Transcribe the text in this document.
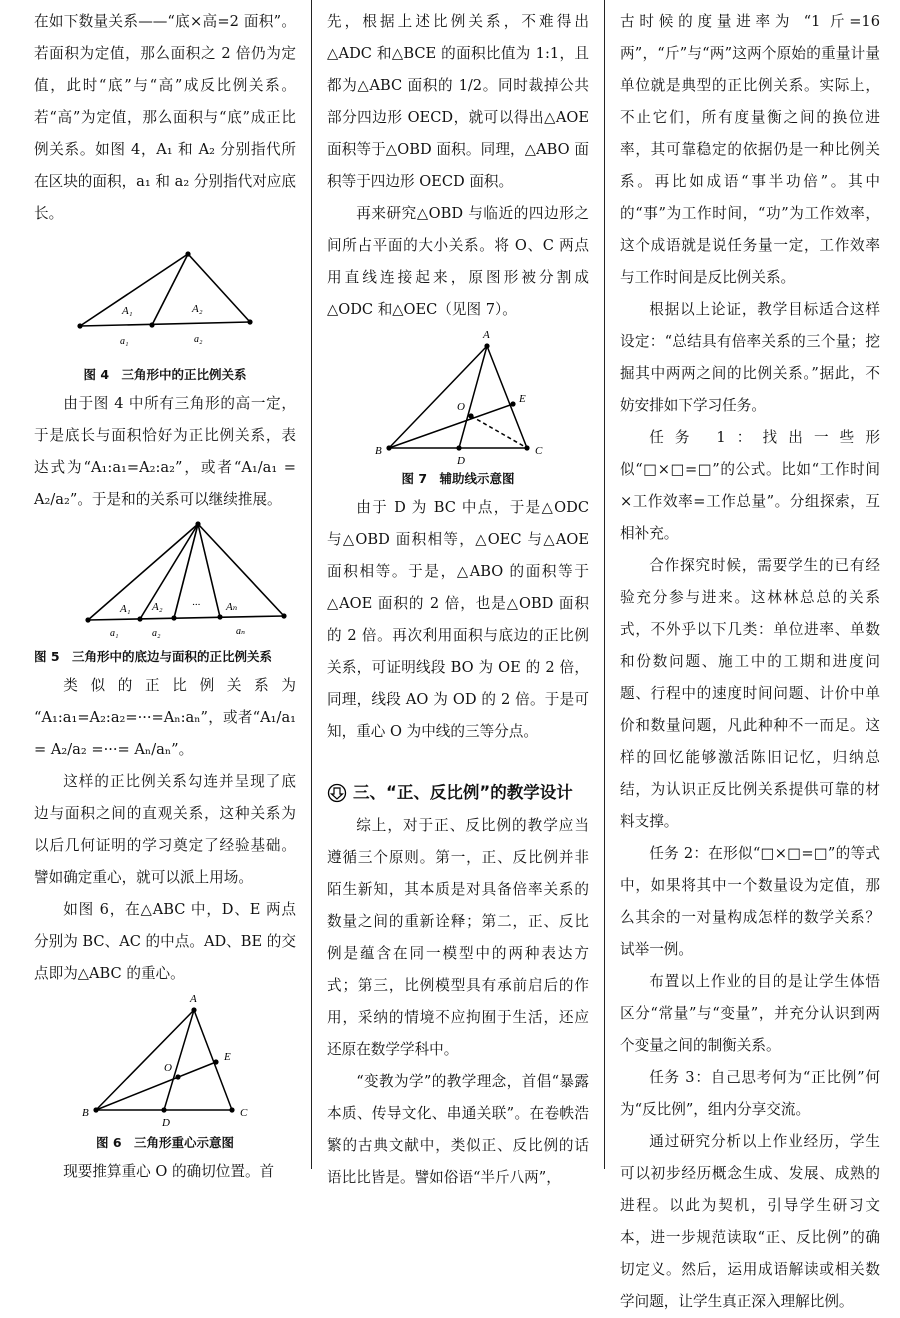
在如下数量关系——“底×高=2 面积”。若面积为定值，那么面积之 2 倍仍为定值，此时“底”与“高”成反比例关系。若“高”为定值，那么面积与“底”成正比例关系。如图 4，A₁ 和 A₂ 分别指代所在区块的面积，a₁ 和 a₂ 分别指代对应底长。

A₁	A₂
a₁	a₂
图 4　三角形中的正比例关系

由于图 4 中所有三角形的高一定，于是底长与面积恰好为正比例关系，表达式为“A₁:a₁=A₂:a₂”，或者“A₁/a₁ = A₂/a₂”。于是和的关系可以继续推展。

A₁ A₂	··· Aₙ
a₁	a₂	aₙ
图 5　三角形中的底边与面积的正比例关系

类似的正比例关系为 “A₁:a₁=A₂:a₂=···=Aₙ:aₙ”，或者“A₁/a₁ = A₂/a₂ =···= Aₙ/aₙ”。

这样的正比例关系勾连并呈现了底边与面积之间的直观关系，这种关系为以后几何证明的学习奠定了经验基础。譬如确定重心，就可以派上用场。

如图 6，在△ABC 中，D、E 两点分别为 BC、AC 的中点。AD、BE 的交点即为△ABC 的重心。

A
B	C
D
E
O
图 6　三角形重心示意图

现要推算重心 O 的确切位置。首

先，根据上述比例关系，不难得出△ADC 和△BCE 的面积比值为 1:1，且都为△ABC 面积的 1/2。同时裁掉公共部分四边形 OECD，就可以得出△AOE 面积等于△OBD 面积。同理，△ABO 面积等于四边形 OECD 面积。

再来研究△OBD 与临近的四边形之间所占平面的大小关系。将 O、C 两点用直线连接起来，原图形被分割成△ODC 和△OEC（见图 7）。

A
B	C
D
E
O
图 7　辅助线示意图

由于 D 为 BC 中点，于是△ODC 与△OBD 面积相等，△OEC 与△AOE 面积相等。于是，△ABO 的面积等于△AOE 面积的 2 倍，也是△OBD 面积的 2 倍。再次利用面积与底边的正比例关系，可证明线段 BO 为 OE 的 2 倍，同理，线段 AO 为 OD 的 2 倍。于是可知，重心 O 为中线的三等分点。

三、“正、反比例”的教学设计

综上，对于正、反比例的教学应当遵循三个原则。第一，正、反比例并非陌生新知，其本质是对具备倍率关系的数量之间的重新诠释；第二，正、反比例是蕴含在同一模型中的两种表达方式；第三，比例模型具有承前启后的作用，采纳的情境不应拘囿于生活，还应还原在数学学科中。

“变教为学”的教学理念，首倡“暴露本质、传导文化、串通关联”。在卷帙浩繁的古典文献中，类似正、反比例的话语比比皆是。譬如俗语“半斤八两”，

古时候的度量进率为 “1 斤=16 两”，“斤”与“两”这两个原始的重量计量单位就是典型的正比例关系。实际上，不止它们，所有度量衡之间的换位进率，其可靠稳定的依据仍是一种比例关系。再比如成语“事半功倍”。其中的“事”为工作时间，“功”为工作效率，这个成语就是说任务量一定，工作效率与工作时间是反比例关系。

根据以上论证，教学目标适合这样设定：“总结具有倍率关系的三个量；挖掘其中两两之间的比例关系。”据此，不妨安排如下学习任务。

任务 1：找出一些形似“□×□=□”的公式。比如“工作时间×工作效率=工作总量”。分组探索，互相补充。

合作探究时候，需要学生的已有经验充分参与进来。这林林总总的关系式，不外乎以下几类：单位进率、单数和份数问题、施工中的工期和进度问题、行程中的速度时间问题、计价中单价和数量问题，凡此种种不一而足。这样的回忆能够激活陈旧记忆，归纳总结，为认识正反比例关系提供可靠的材料支撑。

任务 2：在形似“□×□=□”的等式中，如果将其中一个数量设为定值，那么其余的一对量构成怎样的数学关系？试举一例。

布置以上作业的目的是让学生体悟区分“常量”与“变量”，并充分认识到两个变量之间的制衡关系。

任务 3：自己思考何为“正比例”何为“反比例”，组内分享交流。

通过研究分析以上作业经历，学生可以初步经历概念生成、发展、成熟的进程。以此为契机，引导学生研习文本，进一步规范读取“正、反比例”的确切定义。然后，运用成语解读或相关数学问题，让学生真正深入理解比例。
